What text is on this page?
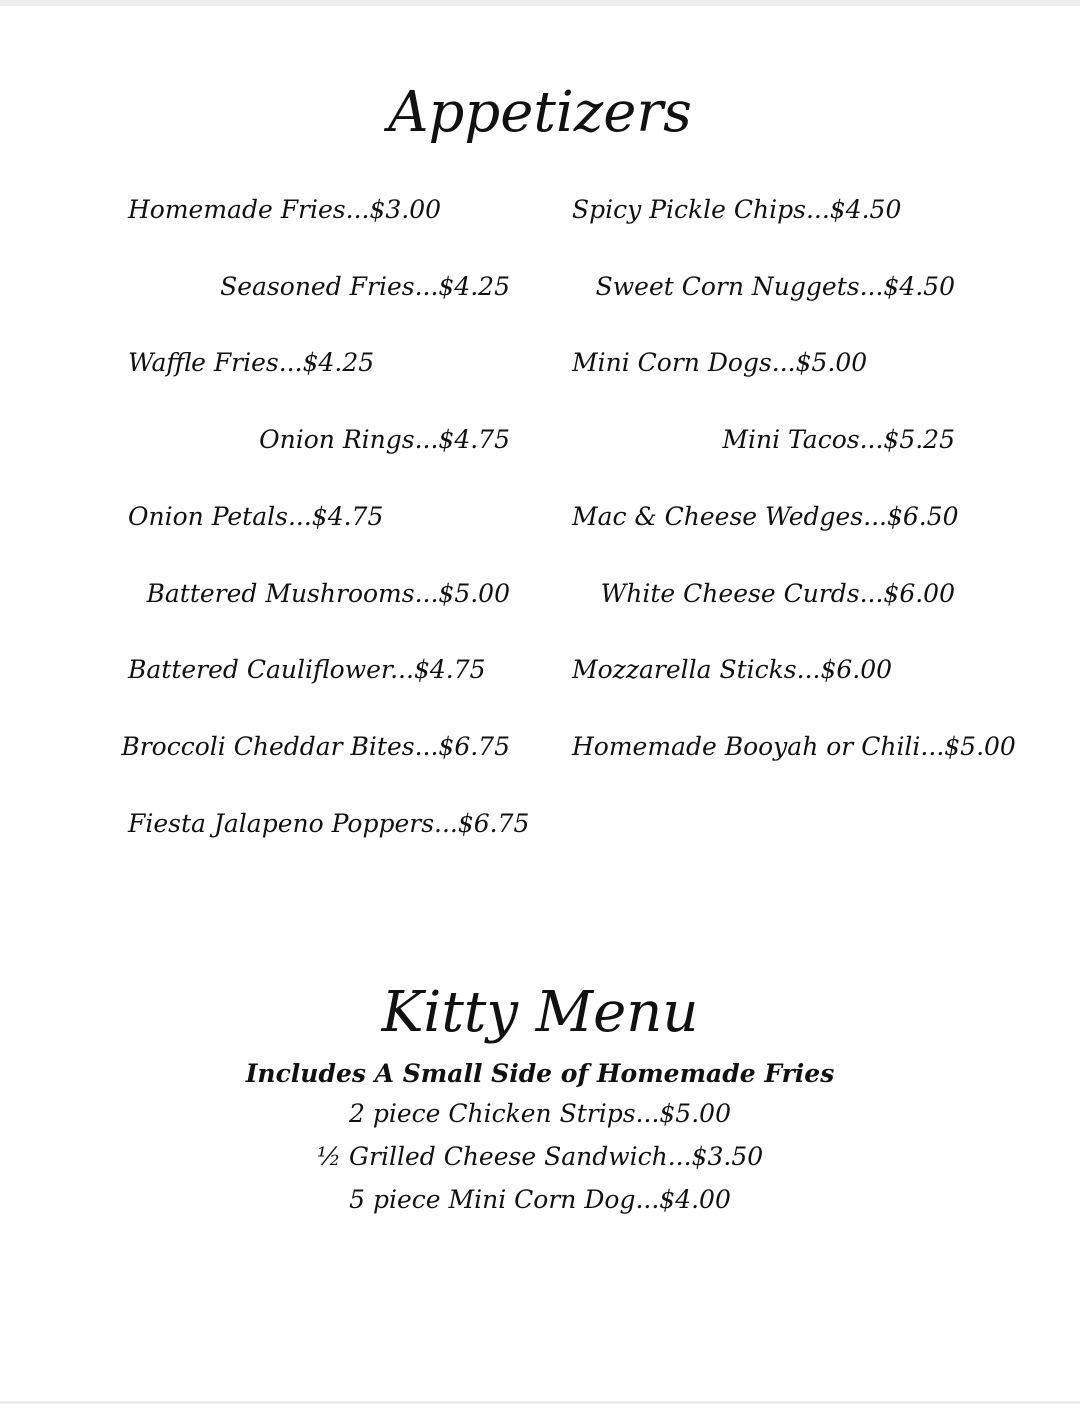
Appetizers
Homemade Fries...$3.00
Seasoned Fries...$4.25
Waffle Fries...$4.25
Onion Rings...$4.75
Onion Petals...$4.75
Battered Mushrooms...$5.00
Battered Cauliflower...$4.75
Broccoli Cheddar Bites...$6.75
Fiesta Jalapeno Poppers...$6.75
Spicy Pickle Chips...$4.50
Sweet Corn Nuggets...$4.50
Mini Corn Dogs...$5.00
Mini Tacos...$5.25
Mac & Cheese Wedges...$6.50
White Cheese Curds...$6.00
Mozzarella Sticks...$6.00
Homemade Booyah or Chili...$5.00
Kitty Menu
Includes A Small Side of Homemade Fries
2 piece Chicken Strips...$5.00
½ Grilled Cheese Sandwich...$3.50
5 piece Mini Corn Dog...$4.00
